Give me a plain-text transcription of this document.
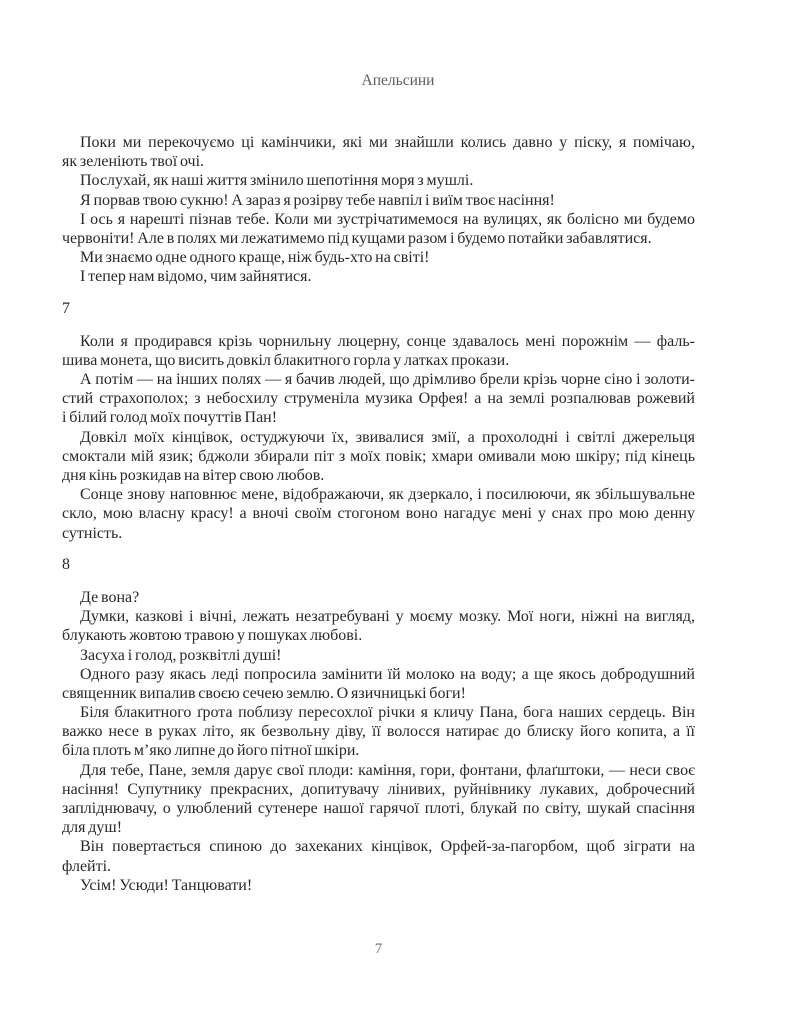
Апельсини

Поки ми перекочуємо ці камінчики, які ми знайшли колись давно у піску, я помічаю,
як зеленіють твої очі.

Послухай, як наші життя змінило шепотіння моря з мушлі.

Я порвав твою сукню! А зараз я розірву тебе навпіл і виїм твоє насіння!

І ось я нарешті пізнав тебе. Коли ми зустрічатимемося на вулицях, як болісно ми будемо
червоніти! Але в полях ми лежатимемо під кущами разом і будемо потайки забавлятися.

Ми знаємо одне одного краще, ніж будь-хто на світі!

І тепер нам відомо, чим зайнятися.

7

Коли я продирався крізь чорнильну люцерну, сонце здавалось мені порожнім — фаль-
шива монета, що висить довкіл блакитного горла у латках прокази.

А потім — на інших полях — я бачив людей, що дрімливо брели крізь чорне сіно і золоти-
стий страхополох; з небосхилу струменіла музика Орфея! а на землі розпалював рожевий
і білий голод моїх почуттів Пан!

Довкіл моїх кінцівок, остуджуючи їх, звивалися змії, а прохолодні і світлі джерельця
смоктали мій язик; бджоли збирали піт з моїх повік; хмари омивали мою шкіру; під кінець
дня кінь розкидав на вітер свою любов.

Сонце знову наповнює мене, відображаючи, як дзеркало, і посилюючи, як збільшувальне
скло, мою власну красу! а вночі своїм стогоном воно нагадує мені у снах про мою денну
сутність.

8

Де вона?

Думки, казкові і вічні, лежать незатребувані у моєму мозку. Мої ноги, ніжні на вигляд,
блукають жовтою травою у пошуках любові.

Засуха і голод, розквітлі душі!

Одного разу якась леді попросила замінити їй молоко на воду; а ще якось добродушний
священник випалив своєю сечею землю. О язичницькі боги!

Біля блакитного ґрота поблизу пересохлої річки я кличу Пана, бога наших сердець. Він
важко несе в руках літо, як безвольну діву, її волосся натирає до блиску його копита, а її
біла плоть м’яко липне до його пітної шкіри.

Для тебе, Пане, земля дарує свої плоди: каміння, гори, фонтани, флаґштоки, — неси своє
насіння! Супутнику прекрасних, допитувачу лінивих, руйнівнику лукавих, доброчесний
запліднювачу, о улюблений сутенере нашої гарячої плоті, блукай по світу, шукай спасіння
для душ!

Він повертається спиною до захеканих кінцівок, Орфей-за-пагорбом, щоб зіграти на
флейті.

Усім! Усюди! Танцювати!

7
